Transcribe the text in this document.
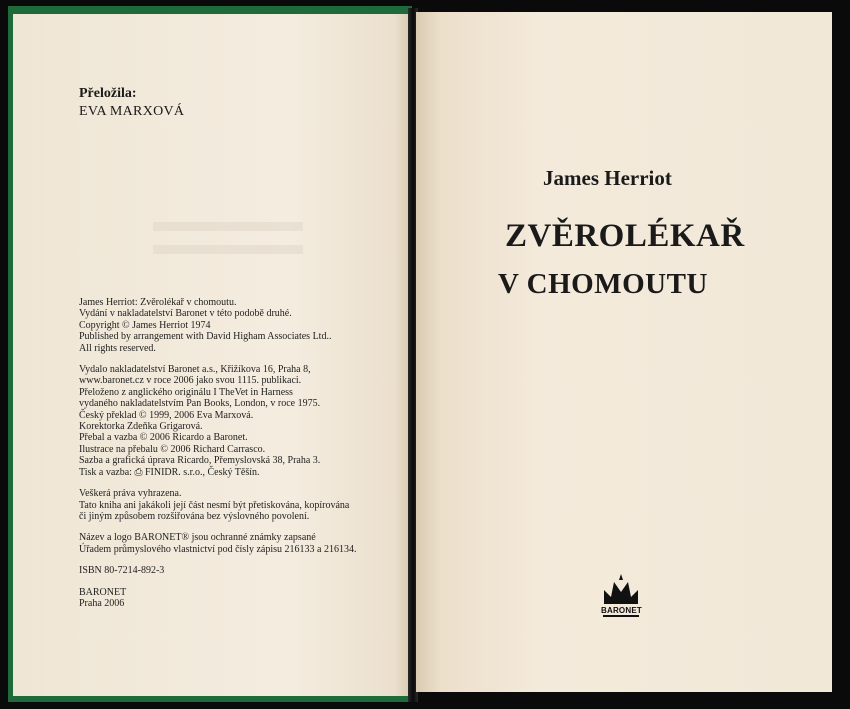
Přeložila:
EVA MARXOVÁ
James Herriot: Zvěrolékař v chomoutu.
Vydání v nakladatelství Baronet v této podobě druhé.
Copyright © James Herriot 1974
Published by arrangement with David Higham Associates Ltd..
All rights reserved.
Vydalo nakladatelství Baronet a.s., Křižíkova 16, Praha 8,
www.baronet.cz v roce 2006 jako svou 1115. publikaci.
Přeloženo z anglického originálu I TheVet in Harness
vydaného nakladatelstvím Pan Books, London, v roce 1975.
Český překlad © 1999, 2006 Eva Marxová.
Korektorka Zdeňka Grigarová.
Přebal a vazba © 2006 Ricardo a Baronet.
Ilustrace na přebalu © 2006 Richard Carrasco.
Sazba a grafická úprava Ricardo, Přemyslovská 38, Praha 3.
Tisk a vazba: ⎙ FINIDR. s.r.o., Český Těšín.
Veškerá práva vyhrazena.
Tato kniha ani jakákoli její část nesmí být přetiskována, kopírována
či jiným způsobem rozšiřována bez výslovného povolení.
Název a logo BARONET® jsou ochranné známky zapsané
Úřadem průmyslového vlastnictví pod čísly zápisu 216133 a 216134.
ISBN 80-7214-892-3
BARONET
Praha 2006
James Herriot
ZVĚROLÉKAŘ
V CHOMOUTU
BARONET
